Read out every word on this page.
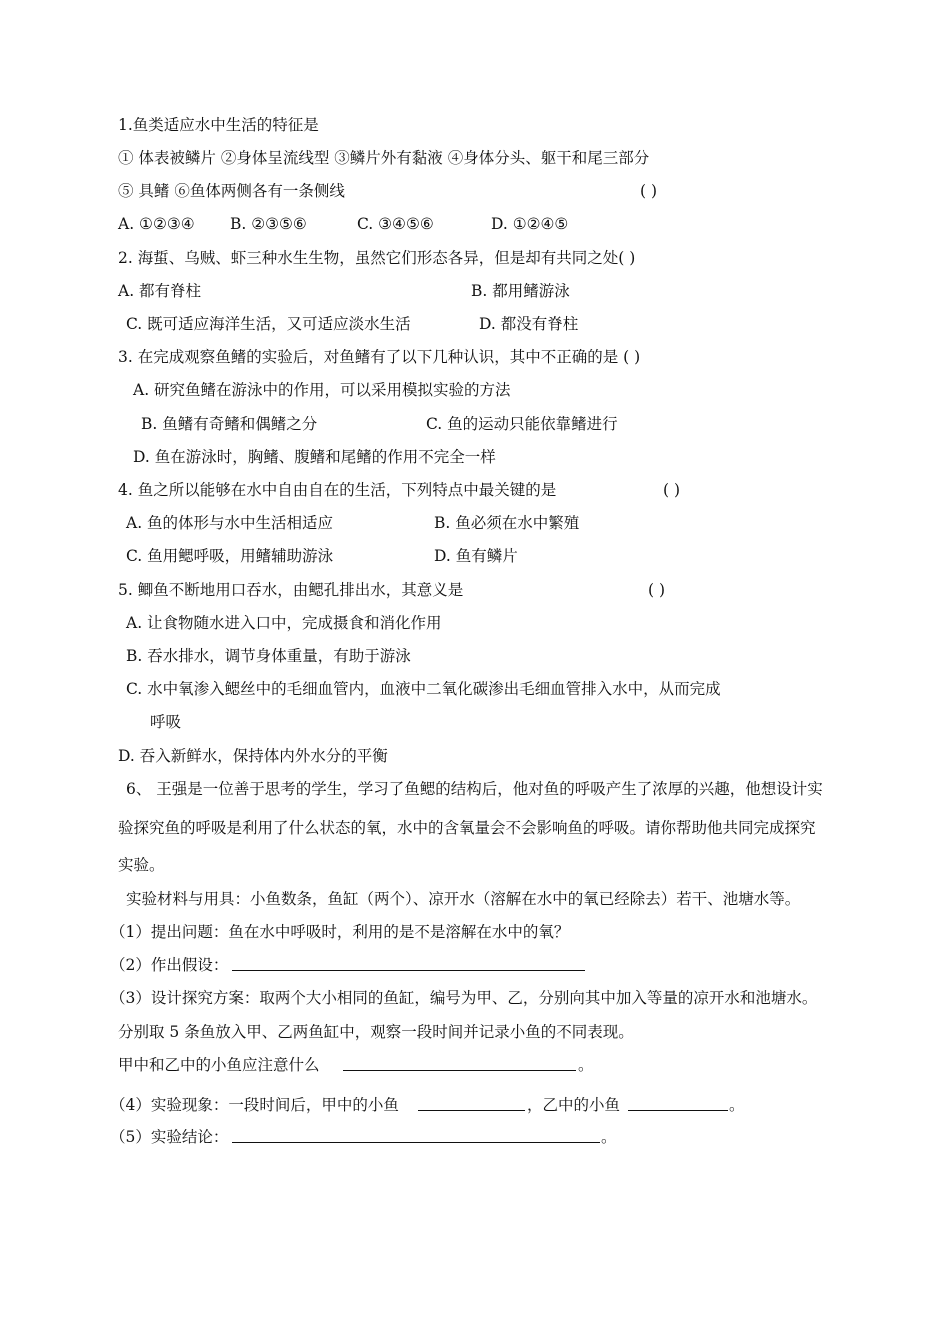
1.鱼类适应水中生活的特征是
① 体表被鳞片 ②身体呈流线型 ③鳞片外有黏液 ④身体分头、躯干和尾三部分
⑤ 具鳍 ⑥鱼体两侧各有一条侧线	( )
A. ①②③④ B. ②③⑤⑥	C. ③④⑤⑥	D. ①②④⑤
2. 海蜇、乌贼、虾三种水生生物，虽然它们形态各异，但是却有共同之处( )
A. 都有脊柱	B. 都用鳍游泳
C. 既可适应海洋生活，又可适应淡水生活	D. 都没有脊柱
3. 在完成观察鱼鳍的实验后，对鱼鳍有了以下几种认识，其中不正确的是 ( )
A. 研究鱼鳍在游泳中的作用，可以采用模拟实验的方法
B. 鱼鳍有奇鳍和偶鳍之分	C. 鱼的运动只能依靠鳍进行
D. 鱼在游泳时，胸鳍、腹鳍和尾鳍的作用不完全一样
4. 鱼之所以能够在水中自由自在的生活，下列特点中最关键的是	( )
A. 鱼的体形与水中生活相适应	B. 鱼必须在水中繁殖
C. 鱼用鳃呼吸，用鳍辅助游泳	D. 鱼有鳞片
5. 鲫鱼不断地用口吞水，由鳃孔排出水，其意义是	( )
A. 让食物随水进入口中，完成摄食和消化作用
B. 吞水排水，调节身体重量，有助于游泳
C. 水中氧渗入鳃丝中的毛细血管内，血液中二氧化碳渗出毛细血管排入水中，从而完成
呼吸
D. 吞入新鲜水，保持体内外水分的平衡
6、 王强是一位善于思考的学生，学习了鱼鳃的结构后，他对鱼的呼吸产生了浓厚的兴趣，他想设计实
验探究鱼的呼吸是利用了什么状态的氧，水中的含氧量会不会影响鱼的呼吸。请你帮助他共同完成探究
实验。
实验材料与用具：小鱼数条，鱼缸（两个）、凉开水（溶解在水中的氧已经除去）若干、池塘水等。
（1）提出问题：鱼在水中呼吸时，利用的是不是溶解在水中的氧？
（2）作出假设：
（3）设计探究方案：取两个大小相同的鱼缸，编号为甲、乙，分别向其中加入等量的凉开水和池塘水。
分别取 5 条鱼放入甲、乙两鱼缸中，观察一段时间并记录小鱼的不同表现。
甲中和乙中的小鱼应注意什么	。
（4）实验现象：一段时间后，甲中的小鱼	，乙中的小鱼	。
（5）实验结论：	。
